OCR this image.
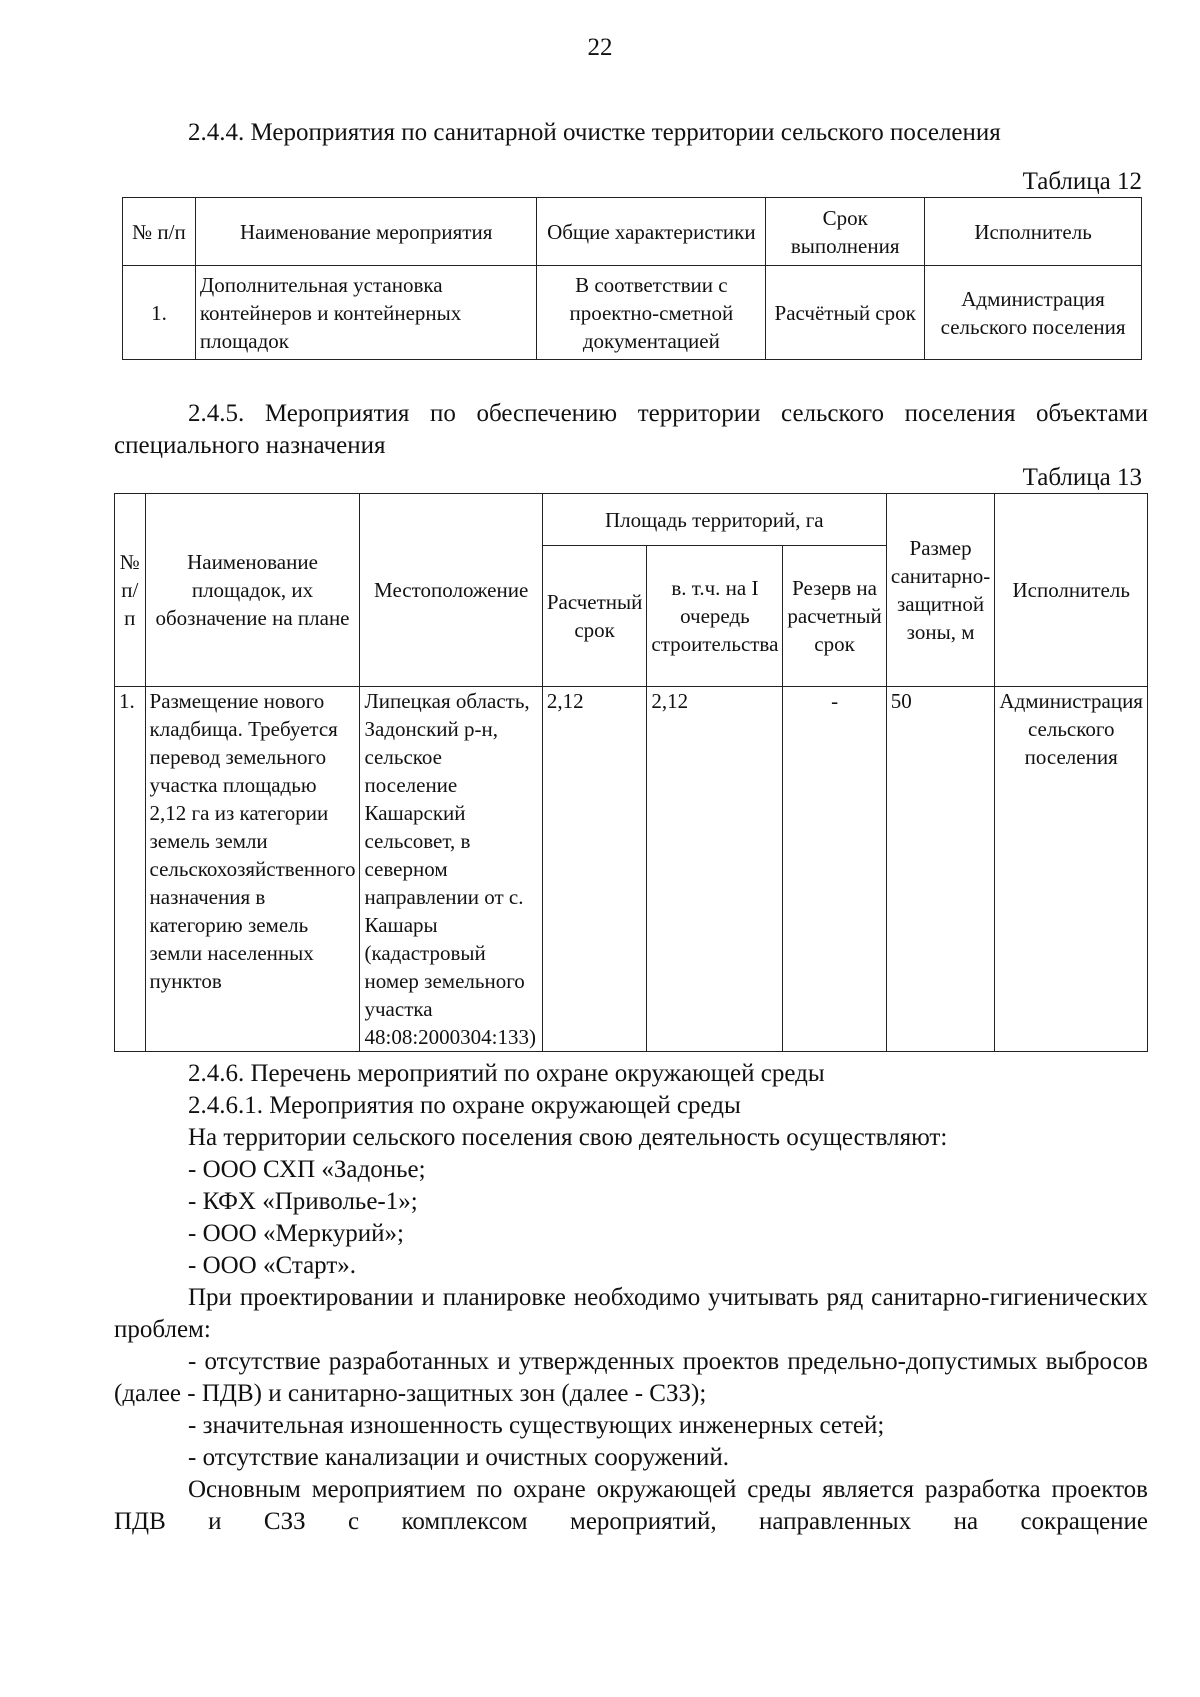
22
2.4.4. Мероприятия по санитарной очистке территории сельского поселения
Таблица 12
№ п/п	Наименование мероприятия	Общие характеристики	Срок выполнения	Исполнитель
1.	Дополнительная установка контейнеров и контейнерных площадок	В соответствии с проектно-сметной документацией	Расчётный срок	Администрация сельского поселения
2.4.5. Мероприятия по обеспечению территории сельского поселения объектами специального назначения
Таблица 13
№ п/п	Наименование площадок, их обозначение на плане	Местоположение	Площадь территорий, га			Размер санитарно-защитной зоны, м	Исполнитель
			Расчетный срок	в. т.ч. на I очередь строительства	Резерв на расчетный срок		
1.	Размещение нового кладбища. Требуется перевод земельного участка площадью 2,12 га из категории земель земли сельскохозяйственного назначения в категорию земель земли населенных пунктов	Липецкая область, Задонский р-н, сельское поселение Кашарский сельсовет, в северном направлении от с. Кашары (кадастровый номер земельного участка 48:08:2000304:133)	2,12	2,12	-	50	Администрация сельского поселения
2.4.6. Перечень мероприятий по охране окружающей среды
2.4.6.1. Мероприятия по охране окружающей среды
На территории сельского поселения свою деятельность осуществляют:
- ООО СХП «Задонье;
- КФХ «Приволье-1»;
- ООО «Меркурий»;
- ООО «Старт».
При проектировании и планировке необходимо учитывать ряд санитарно-гигиенических проблем:
- отсутствие разработанных и утвержденных проектов предельно-допустимых выбросов (далее - ПДВ) и санитарно-защитных зон (далее - СЗЗ);
- значительная изношенность существующих инженерных сетей;
- отсутствие канализации и очистных сооружений.
Основным мероприятием по охране окружающей среды является разработка проектов ПДВ и СЗЗ с комплексом мероприятий, направленных на сокращение
